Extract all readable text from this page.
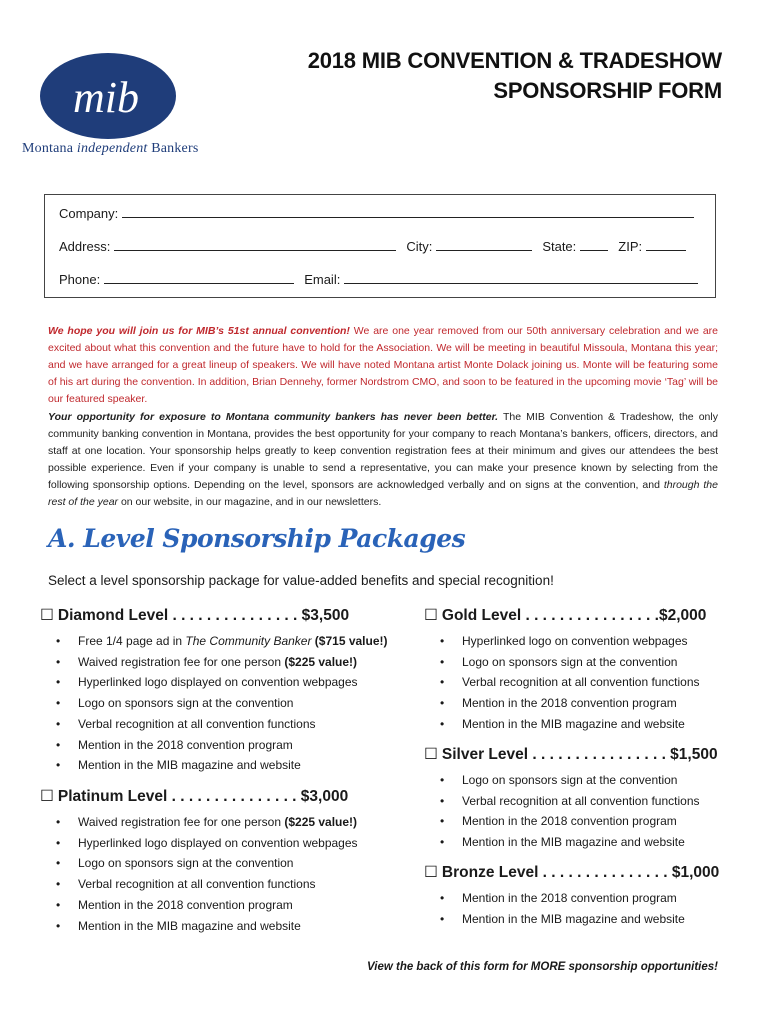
mib
Montana independent Bankers
2018 MIB CONVENTION & TRADESHOW
SPONSORSHIP FORM
Company:
Address:	City:	State:	ZIP:
Phone:	Email:
We hope you will join us for MIB’s 51st annual convention! We are one year removed from our 50th anniversary celebration and we are excited about what this convention and the future have to hold for the Association. We will be meeting in beautiful Missoula, Montana this year; and we have arranged for a great lineup of speakers. We will have noted Montana artist Monte Dolack joining us. Monte will be featuring some of his art during the convention. In addition, Brian Dennehy, former Nordstrom CMO, and soon to be featured in the upcoming movie ‘Tag’ will be our featured speaker.
Your opportunity for exposure to Montana community bankers has never been better. The MIB Convention & Tradeshow, the only community banking convention in Montana, provides the best opportunity for your company to reach Montana’s bankers, officers, directors, and staff at one location. Your sponsorship helps greatly to keep convention registration fees at their minimum and gives our attendees the best possible experience. Even if your company is unable to send a representative, you can make your presence known by selecting from the following sponsorship options. Depending on the level, sponsors are acknowledged verbally and on signs at the convention, and through the rest of the year on our website, in our magazine, and in our newsletters.
A. Level Sponsorship Packages
Select a level sponsorship package for value-added benefits and special recognition!
☐ Diamond Level . . . . . . . . . . . . . . . $3,500
• Free 1/4 page ad in The Community Banker ($715 value!)
• Waived registration fee for one person ($225 value!)
• Hyperlinked logo displayed on convention webpages
• Logo on sponsors sign at the convention
• Verbal recognition at all convention functions
• Mention in the 2018 convention program
• Mention in the MIB magazine and website
☐ Platinum Level . . . . . . . . . . . . . . . $3,000
• Waived registration fee for one person ($225 value!)
• Hyperlinked logo displayed on convention webpages
• Logo on sponsors sign at the convention
• Verbal recognition at all convention functions
• Mention in the 2018 convention program
• Mention in the MIB magazine and website
☐ Gold Level . . . . . . . . . . . . . . . .$2,000
• Hyperlinked logo on convention webpages
• Logo on sponsors sign at the convention
• Verbal recognition at all convention functions
• Mention in the 2018 convention program
• Mention in the MIB magazine and website
☐ Silver Level . . . . . . . . . . . . . . . . $1,500
• Logo on sponsors sign at the convention
• Verbal recognition at all convention functions
• Mention in the 2018 convention program
• Mention in the MIB magazine and website
☐ Bronze Level . . . . . . . . . . . . . . . $1,000
• Mention in the 2018 convention program
• Mention in the MIB magazine and website
View the back of this form for MORE sponsorship opportunities!
